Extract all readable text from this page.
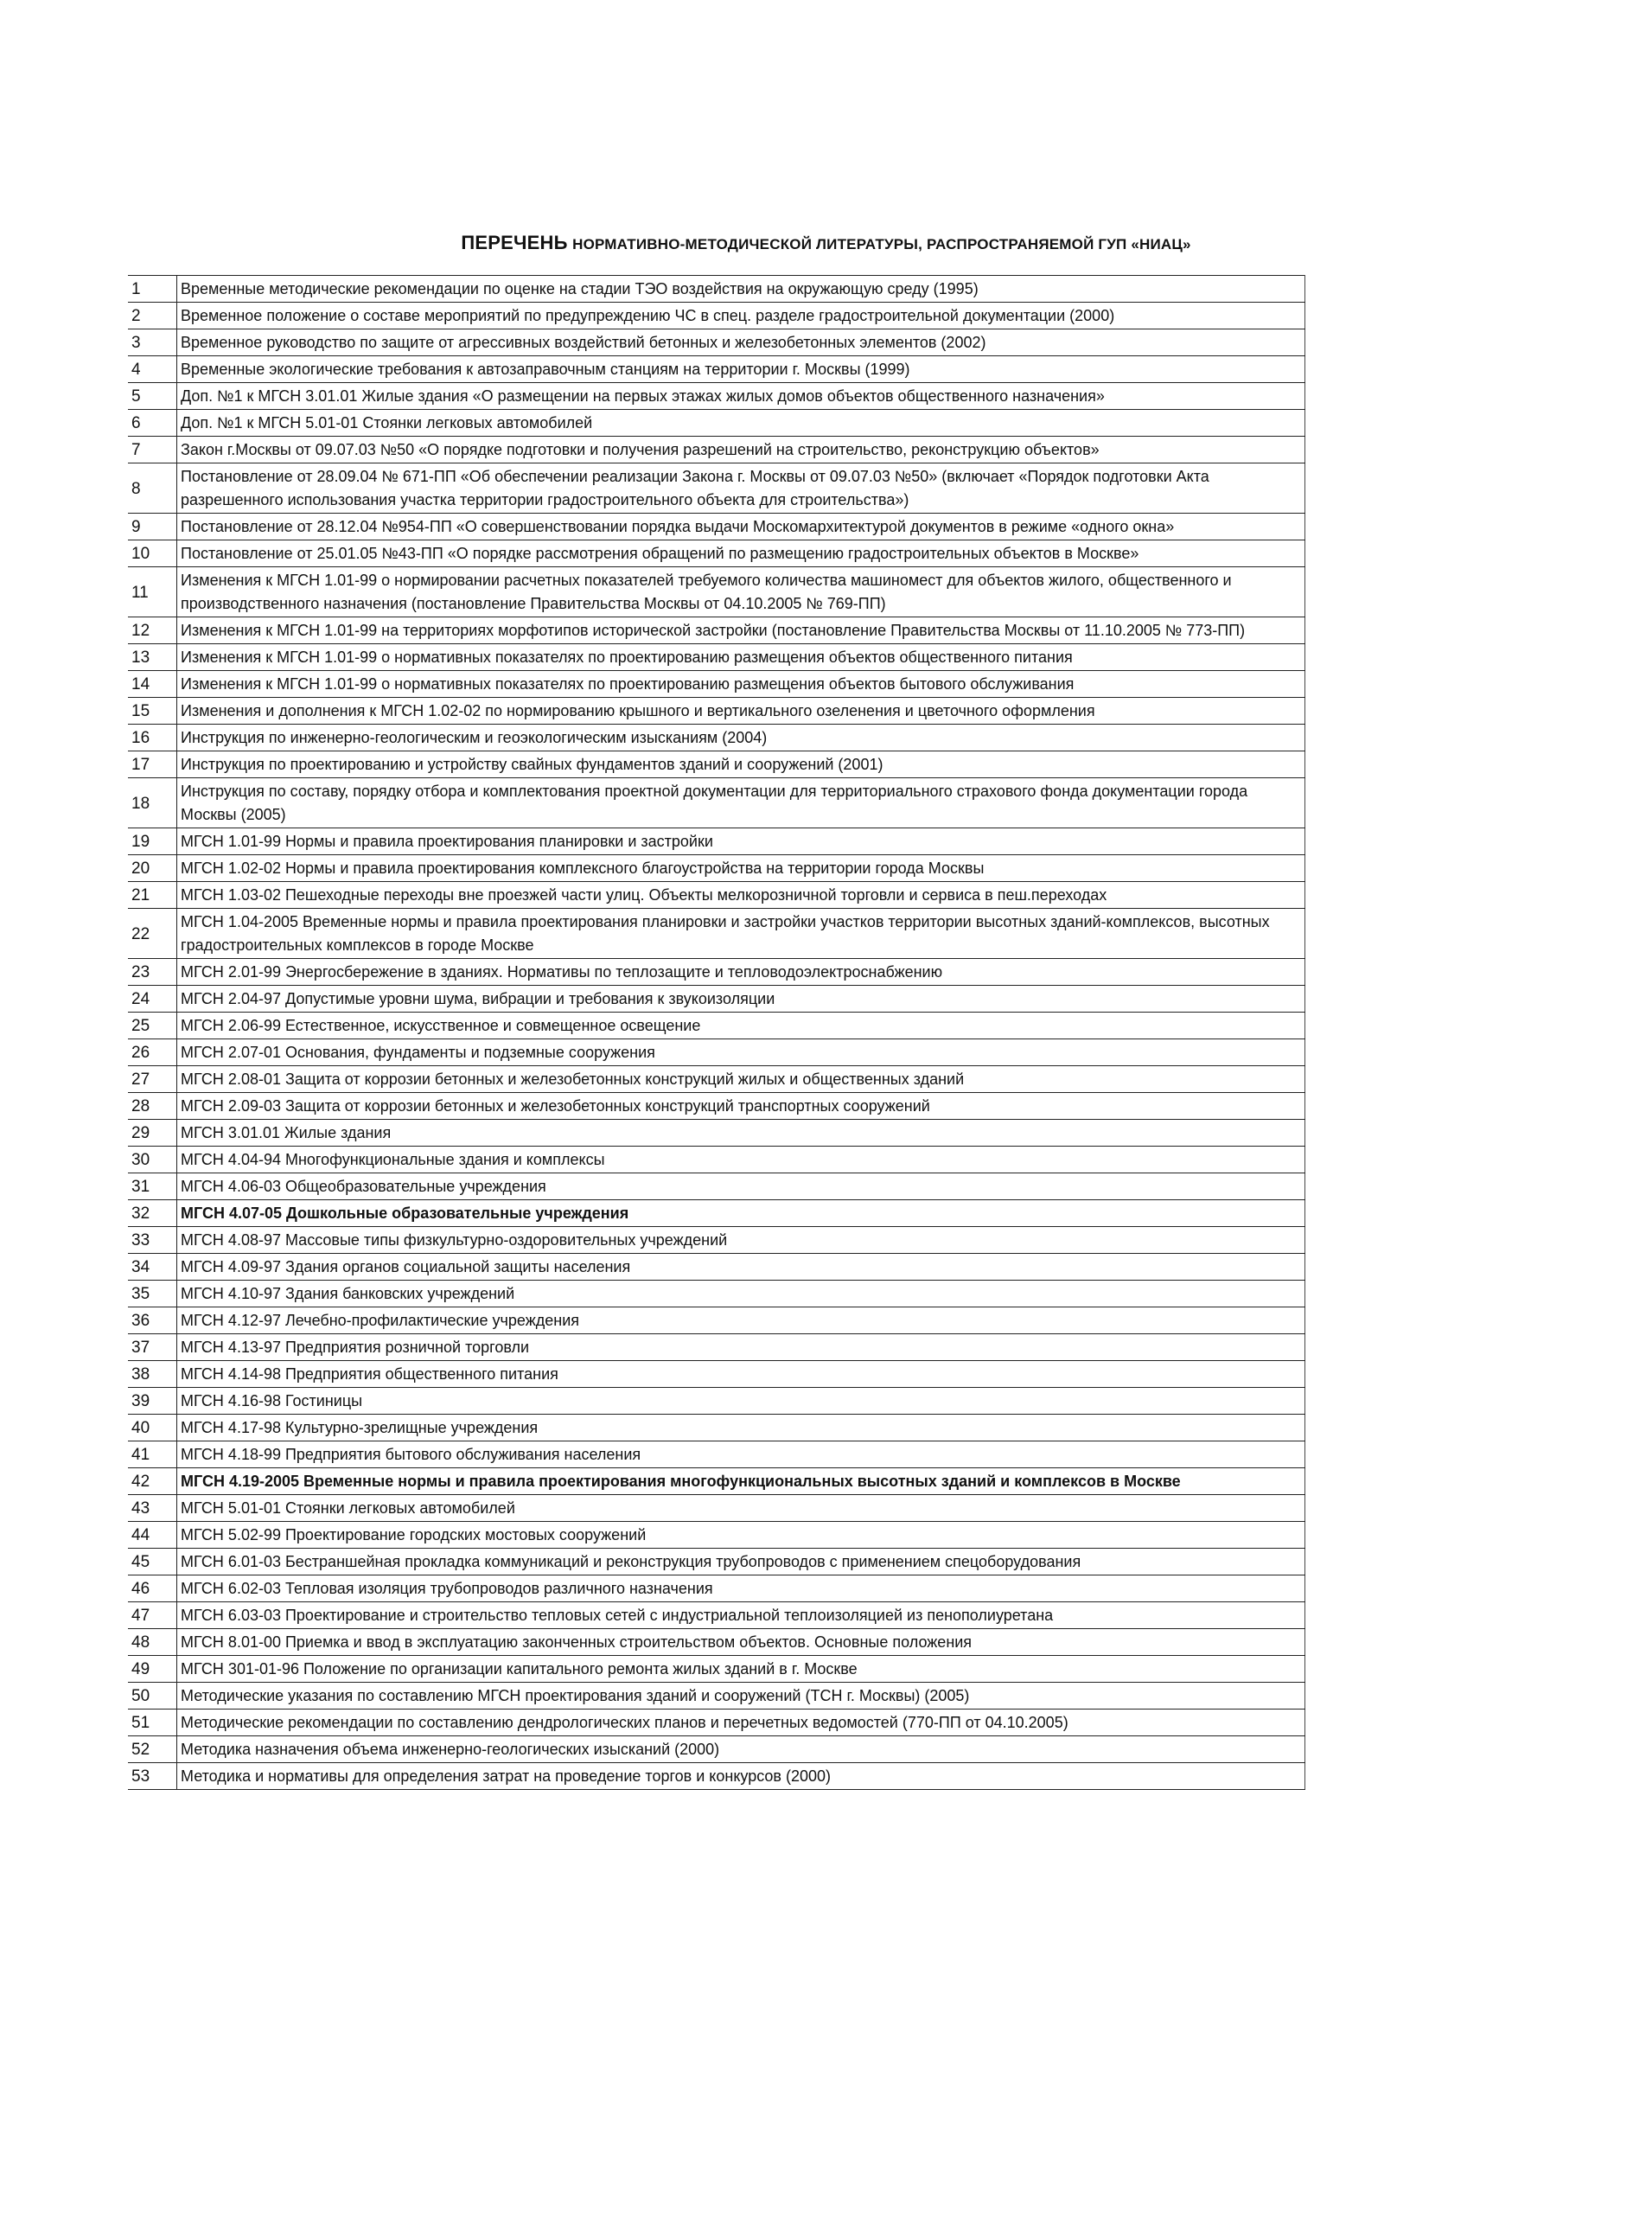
ПЕРЕЧЕНЬ НОРМАТИВНО-МЕТОДИЧЕСКОЙ ЛИТЕРАТУРЫ, РАСПРОСТРАНЯЕМОЙ ГУП «НИАЦ»
1	Временные методические рекомендации по оценке на стадии ТЭО воздействия на окружающую среду (1995)
2	Временное положение о составе мероприятий по предупреждению ЧС в спец. разделе градостроительной документации (2000)
3	Временное руководство по защите от агрессивных воздействий бетонных и железобетонных элементов (2002)
4	Временные экологические требования к автозаправочным станциям на территории г. Москвы (1999)
5	Доп. №1 к МГСН 3.01.01 Жилые здания «О размещении на первых этажах жилых домов объектов общественного назначения»
6	Доп. №1 к МГСН 5.01-01 Стоянки легковых автомобилей
7	Закон г.Москвы от 09.07.03 №50 «О порядке подготовки и получения разрешений на строительство, реконструкцию объектов»
8	Постановление от 28.09.04 № 671-ПП «Об обеспечении реализации Закона г. Москвы от 09.07.03 №50» (включает «Порядок подготовки Акта разрешенного использования участка территории градостроительного объекта для строительства»)
9	Постановление от 28.12.04 №954-ПП «О совершенствовании порядка выдачи Москомархитектурой документов в режиме «одного окна»
10	Постановление от 25.01.05 №43-ПП «О порядке рассмотрения обращений по размещению градостроительных объектов в Москве»
11	Изменения к МГСН 1.01-99 о нормировании расчетных показателей требуемого количества машиномест для объектов жилого, общественного и производственного назначения (постановление Правительства Москвы от 04.10.2005 № 769-ПП)
12	Изменения к МГСН 1.01-99 на территориях морфотипов исторической застройки (постановление Правительства Москвы от 11.10.2005 № 773-ПП)
13	Изменения к МГСН 1.01-99 о нормативных показателях по проектированию размещения объектов общественного питания
14	Изменения к МГСН 1.01-99 о нормативных показателях по проектированию размещения объектов бытового обслуживания
15	Изменения и дополнения к МГСН 1.02-02 по нормированию крышного и вертикального озеленения и цветочного оформления
16	Инструкция по инженерно-геологическим и геоэкологическим изысканиям (2004)
17	Инструкция по проектированию и устройству свайных фундаментов зданий и сооружений (2001)
18	Инструкция по составу, порядку отбора и комплектования проектной документации для территориального страхового фонда документации города Москвы (2005)
19	МГСН 1.01-99 Нормы и правила проектирования планировки и застройки
20	МГСН 1.02-02 Нормы и правила проектирования комплексного благоустройства на территории города Москвы
21	МГСН 1.03-02 Пешеходные переходы вне проезжей части улиц. Объекты мелкорозничной торговли и сервиса в пеш.переходах
22	МГСН 1.04-2005 Временные нормы и правила проектирования планировки и застройки участков территории высотных зданий-комплексов, высотных градостроительных комплексов в городе Москве
23	МГСН 2.01-99 Энергосбережение в зданиях. Нормативы по теплозащите и тепловодоэлектроснабжению
24	МГСН 2.04-97 Допустимые уровни шума, вибрации и требования к звукоизоляции
25	МГСН 2.06-99 Естественное, искусственное и совмещенное освещение
26	МГСН 2.07-01 Основания, фундаменты и подземные сооружения
27	МГСН 2.08-01 Защита от коррозии бетонных и железобетонных конструкций жилых и общественных зданий
28	МГСН 2.09-03 Защита от коррозии бетонных и железобетонных конструкций транспортных сооружений
29	МГСН 3.01.01 Жилые здания
30	МГСН 4.04-94 Многофункциональные здания и комплексы
31	МГСН 4.06-03 Общеобразовательные учреждения
32	МГСН 4.07-05 Дошкольные образовательные учреждения
33	МГСН 4.08-97 Массовые типы физкультурно-оздоровительных учреждений
34	МГСН 4.09-97 Здания органов социальной защиты населения
35	МГСН 4.10-97 Здания банковских учреждений
36	МГСН 4.12-97 Лечебно-профилактические учреждения
37	МГСН 4.13-97 Предприятия розничной торговли
38	МГСН 4.14-98 Предприятия общественного питания
39	МГСН 4.16-98 Гостиницы
40	МГСН 4.17-98 Культурно-зрелищные учреждения
41	МГСН 4.18-99 Предприятия бытового обслуживания населения
42	МГСН 4.19-2005 Временные нормы и правила проектирования многофункциональных высотных зданий и комплексов в Москве
43	МГСН 5.01-01 Стоянки легковых автомобилей
44	МГСН 5.02-99 Проектирование городских мостовых сооружений
45	МГСН 6.01-03 Бестраншейная прокладка коммуникаций и реконструкция трубопроводов с применением спецоборудования
46	МГСН 6.02-03 Тепловая изоляция трубопроводов различного назначения
47	МГСН 6.03-03 Проектирование и строительство тепловых сетей с индустриальной теплоизоляцией из пенополиуретана
48	МГСН 8.01-00 Приемка и ввод в эксплуатацию законченных строительством объектов. Основные положения
49	МГСН 301-01-96 Положение по организации капитального ремонта жилых зданий в г. Москве
50	Методические указания по составлению МГСН проектирования зданий и сооружений (ТСН г. Москвы) (2005)
51	Методические рекомендации по составлению дендрологических планов и перечетных ведомостей (770-ПП от 04.10.2005)
52	Методика назначения объема инженерно-геологических изысканий (2000)
53	Методика и нормативы для определения затрат на проведение торгов и конкурсов (2000)
